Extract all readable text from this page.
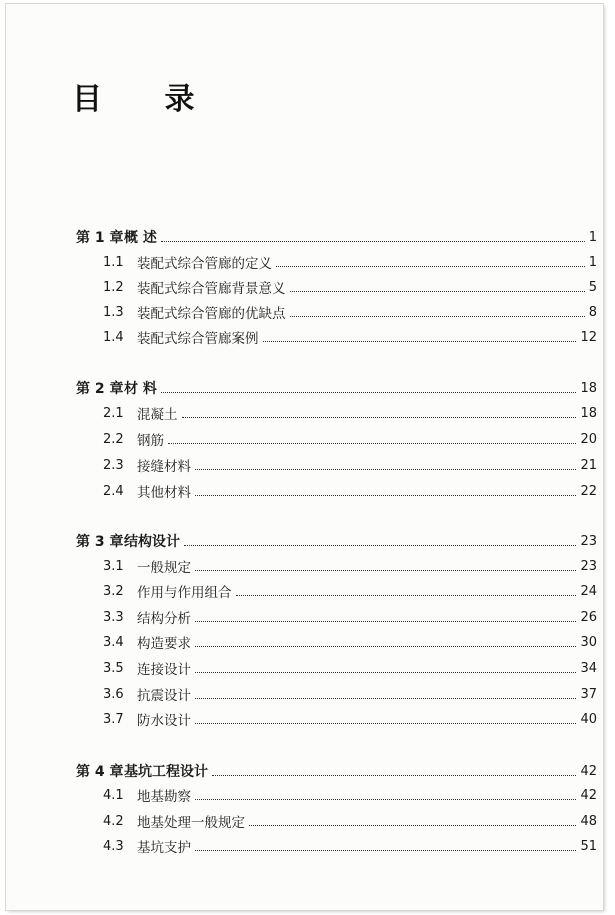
目 录
第 1 章 概 述	1
1.1 装配式综合管廊的定义	1
1.2 装配式综合管廊背景意义	5
1.3 装配式综合管廊的优缺点	8
1.4 装配式综合管廊案例	12
第 2 章 材 料	18
2.1 混凝土	18
2.2 钢筋	20
2.3 接缝材料	21
2.4 其他材料	22
第 3 章 结构设计	23
3.1 一般规定	23
3.2 作用与作用组合	24
3.3 结构分析	26
3.4 构造要求	30
3.5 连接设计	34
3.6 抗震设计	37
3.7 防水设计	40
第 4 章 基坑工程设计	42
4.1 地基勘察	42
4.2 地基处理一般规定	48
4.3 基坑支护	51
